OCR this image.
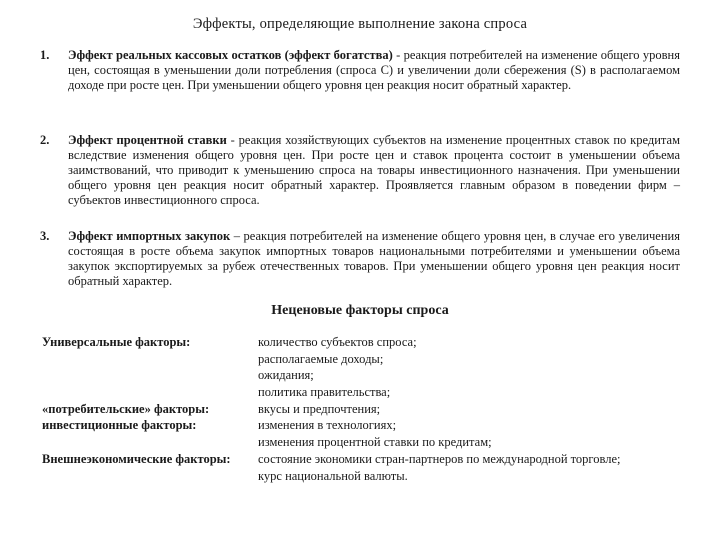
Эффекты, определяющие выполнение закона спроса
1. Эффект реальных кассовых остатков (эффект богатства) - реакция потребителей на изменение общего уровня цен, состоящая в уменьшении доли потребления (спроса С) и увеличении доли сбережения (S) в располагаемом доходе при росте цен. При уменьшении общего уровня цен реакция носит обратный характер.
2. Эффект процентной ставки - реакция хозяйствующих субъектов на изменение процентных ставок по кредитам вследствие изменения общего уровня цен. При росте цен и ставок процента состоит в уменьшении объема заимствований, что приводит к уменьшению спроса на товары инвестиционного назначения. При уменьшении общего уровня цен реакция носит обратный характер. Проявляется главным образом в поведении фирм – субъектов инвестиционного спроса.
3. Эффект импортных закупок – реакция потребителей на изменение общего уровня цен, в случае его увеличения состоящая в росте объема закупок импортных товаров национальными потребителями и уменьшении объема закупок экспортируемых за рубеж отечественных товаров. При уменьшении общего уровня цен реакция носит обратный характер.
Неценовые факторы спроса
Универсальные факторы:	количество субъектов спроса;
располагаемые доходы;
ожидания;
политика правительства;
«потребительские» факторы:	вкусы и предпочтения;
инвестиционные факторы:	изменения в технологиях;
изменения процентной ставки по кредитам;
Внешнеэкономические факторы: состояние экономики стран-партнеров по международной торговле;
курс национальной валюты.
